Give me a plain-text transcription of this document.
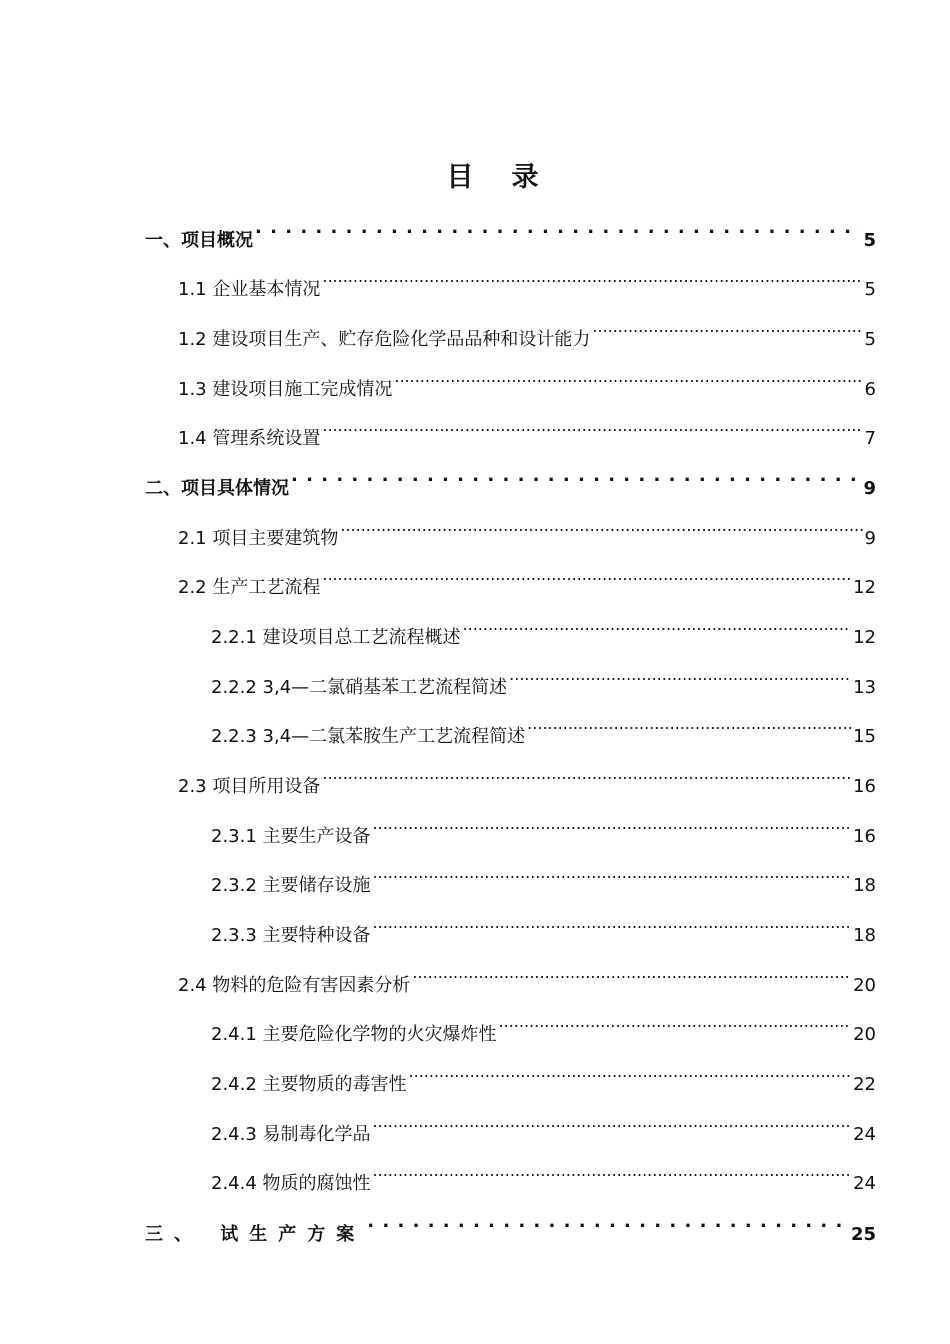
目录
一、项目概况 . . .	5
1.1 企业基本情况 .....	5
1.2 建设项目生产、贮存危险化学品品种和设计能力 .....	5
1.3 建设项目施工完成情况 .....	6
1.4 管理系统设置 .....	7
二、项目具体情况 . . .	9
2.1 项目主要建筑物 .....	9
2.2 生产工艺流程 .....	12
2.2.1 建设项目总工艺流程概述 .....	12
2.2.2 3,4—二氯硝基苯工艺流程简述 .....	13
2.2.3 3,4—二氯苯胺生产工艺流程简述 .....	15
2.3 项目所用设备 .....	16
2.3.1 主要生产设备 .....	16
2.3.2 主要储存设施 .....	18
2.3.3 主要特种设备 .....	18
2.4 物料的危险有害因素分析 .....	20
2.4.1 主要危险化学物的火灾爆炸性 .....	20
2.4.2 主要物质的毒害性 .....	22
2.4.3 易制毒化学品 .....	24
2.4.4 物质的腐蚀性 .....	24
三、 试生产方案 . . .	25
